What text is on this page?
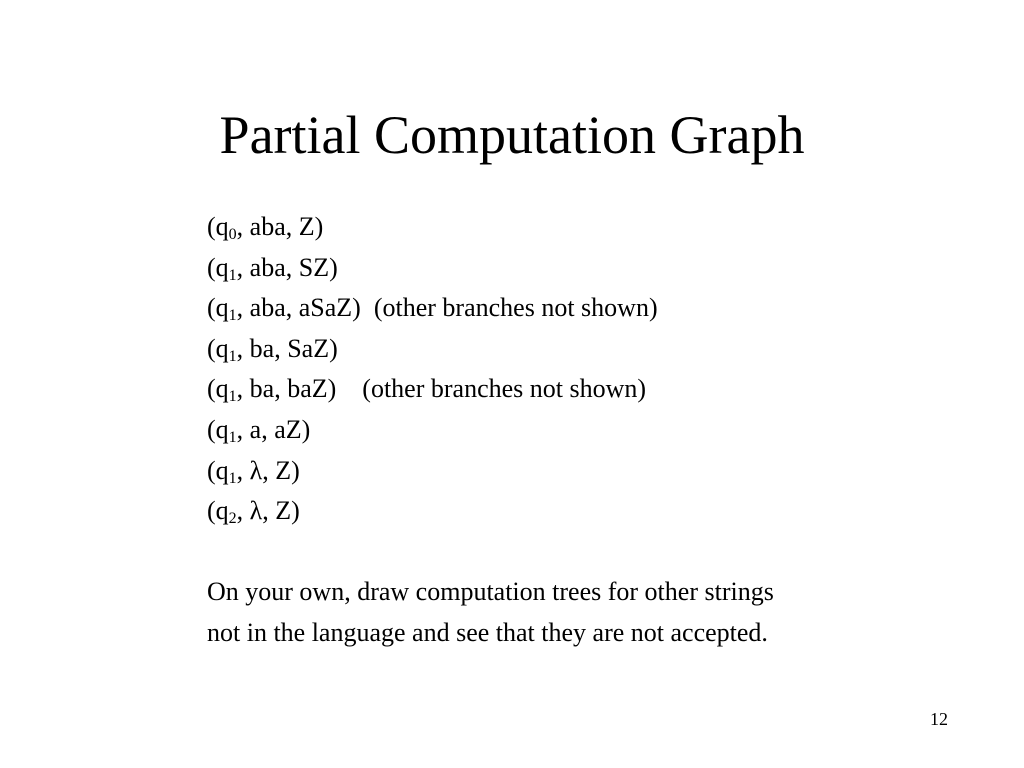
Partial Computation Graph
($q_0$, aba, Z)
($q_1$, aba, SZ)
($q_1$, aba, aSaZ)  (other branches not shown)
($q_1$, ba, SaZ)
($q_1$, ba, baZ)    (other branches not shown)
($q_1$, a, aZ)
($q_1$, λ, Z)
($q_2$, λ, Z)
On your own, draw computation trees for other strings
not in the language and see that they are not accepted.
12
